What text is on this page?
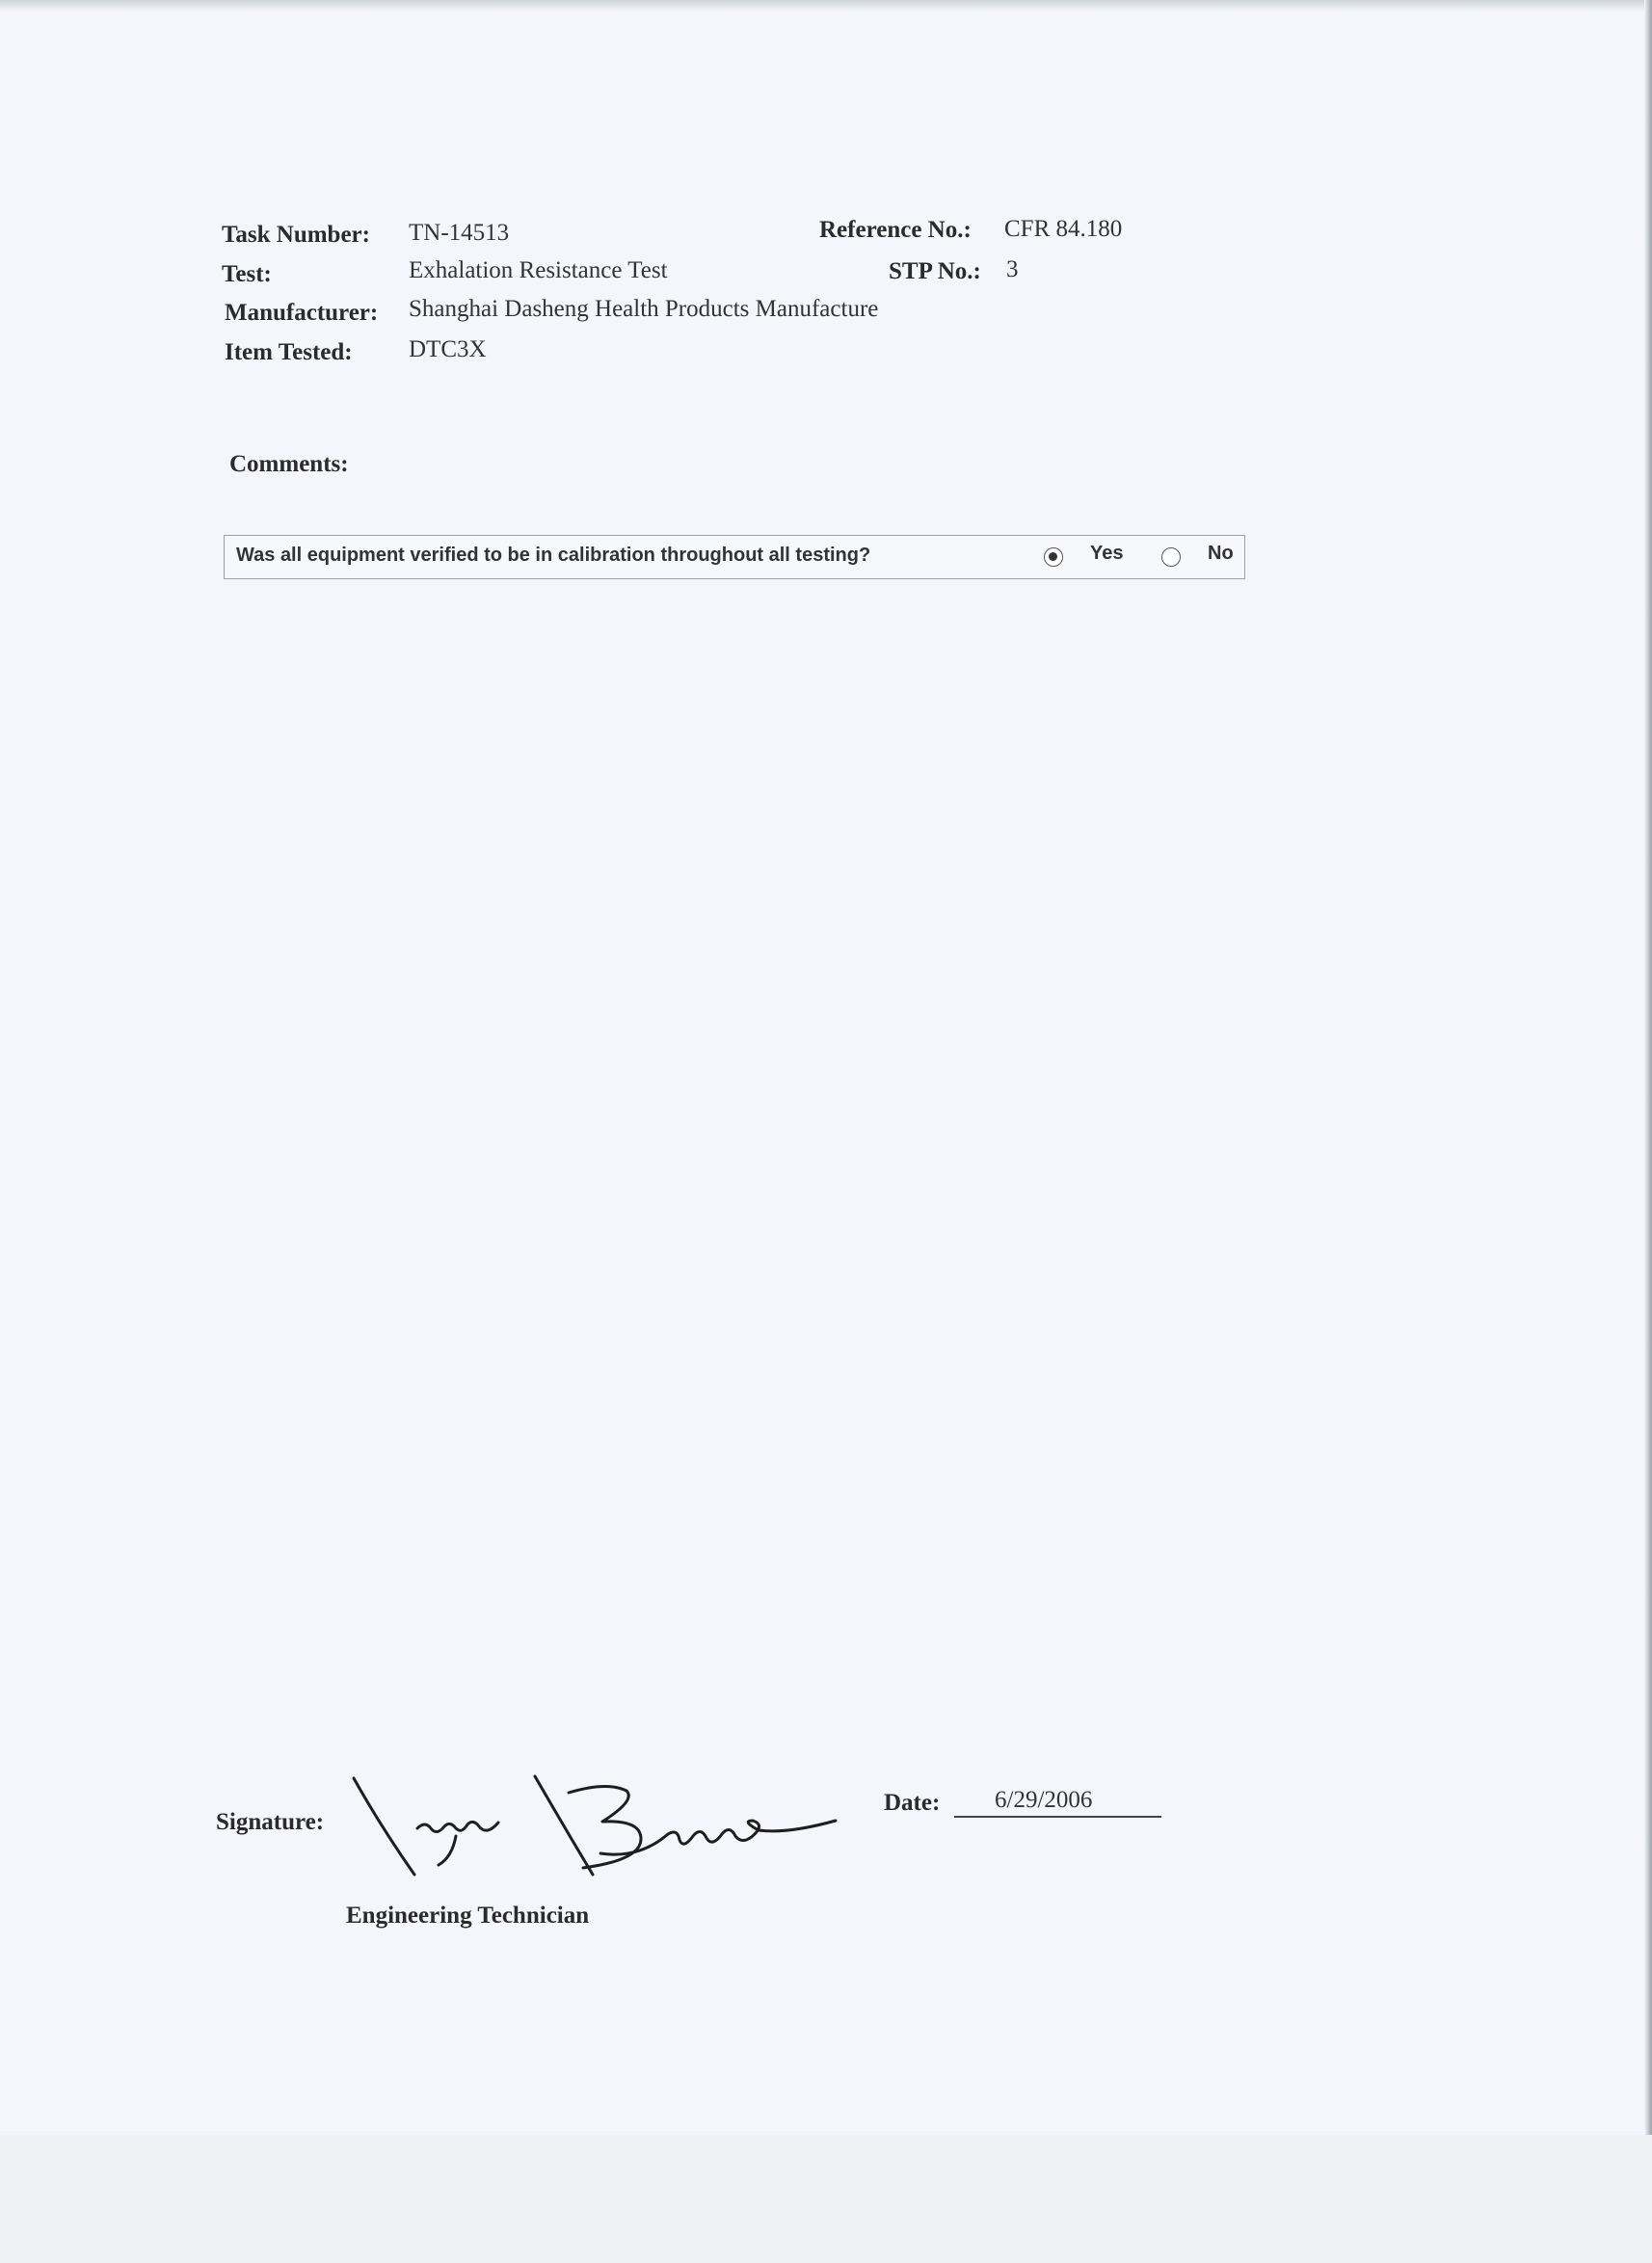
Task Number: TN-14513	Reference No.: CFR 84.180
Test:	Exhalation Resistance Test	STP No.: 3
Manufacturer: Shanghai Dasheng Health Products Manufacture
Item Tested: DTC3X
Comments:
Was all equipment verified to be in calibration throughout all testing?	Yes	No
Signature:
Engineering Technician
Date: 6/29/2006
